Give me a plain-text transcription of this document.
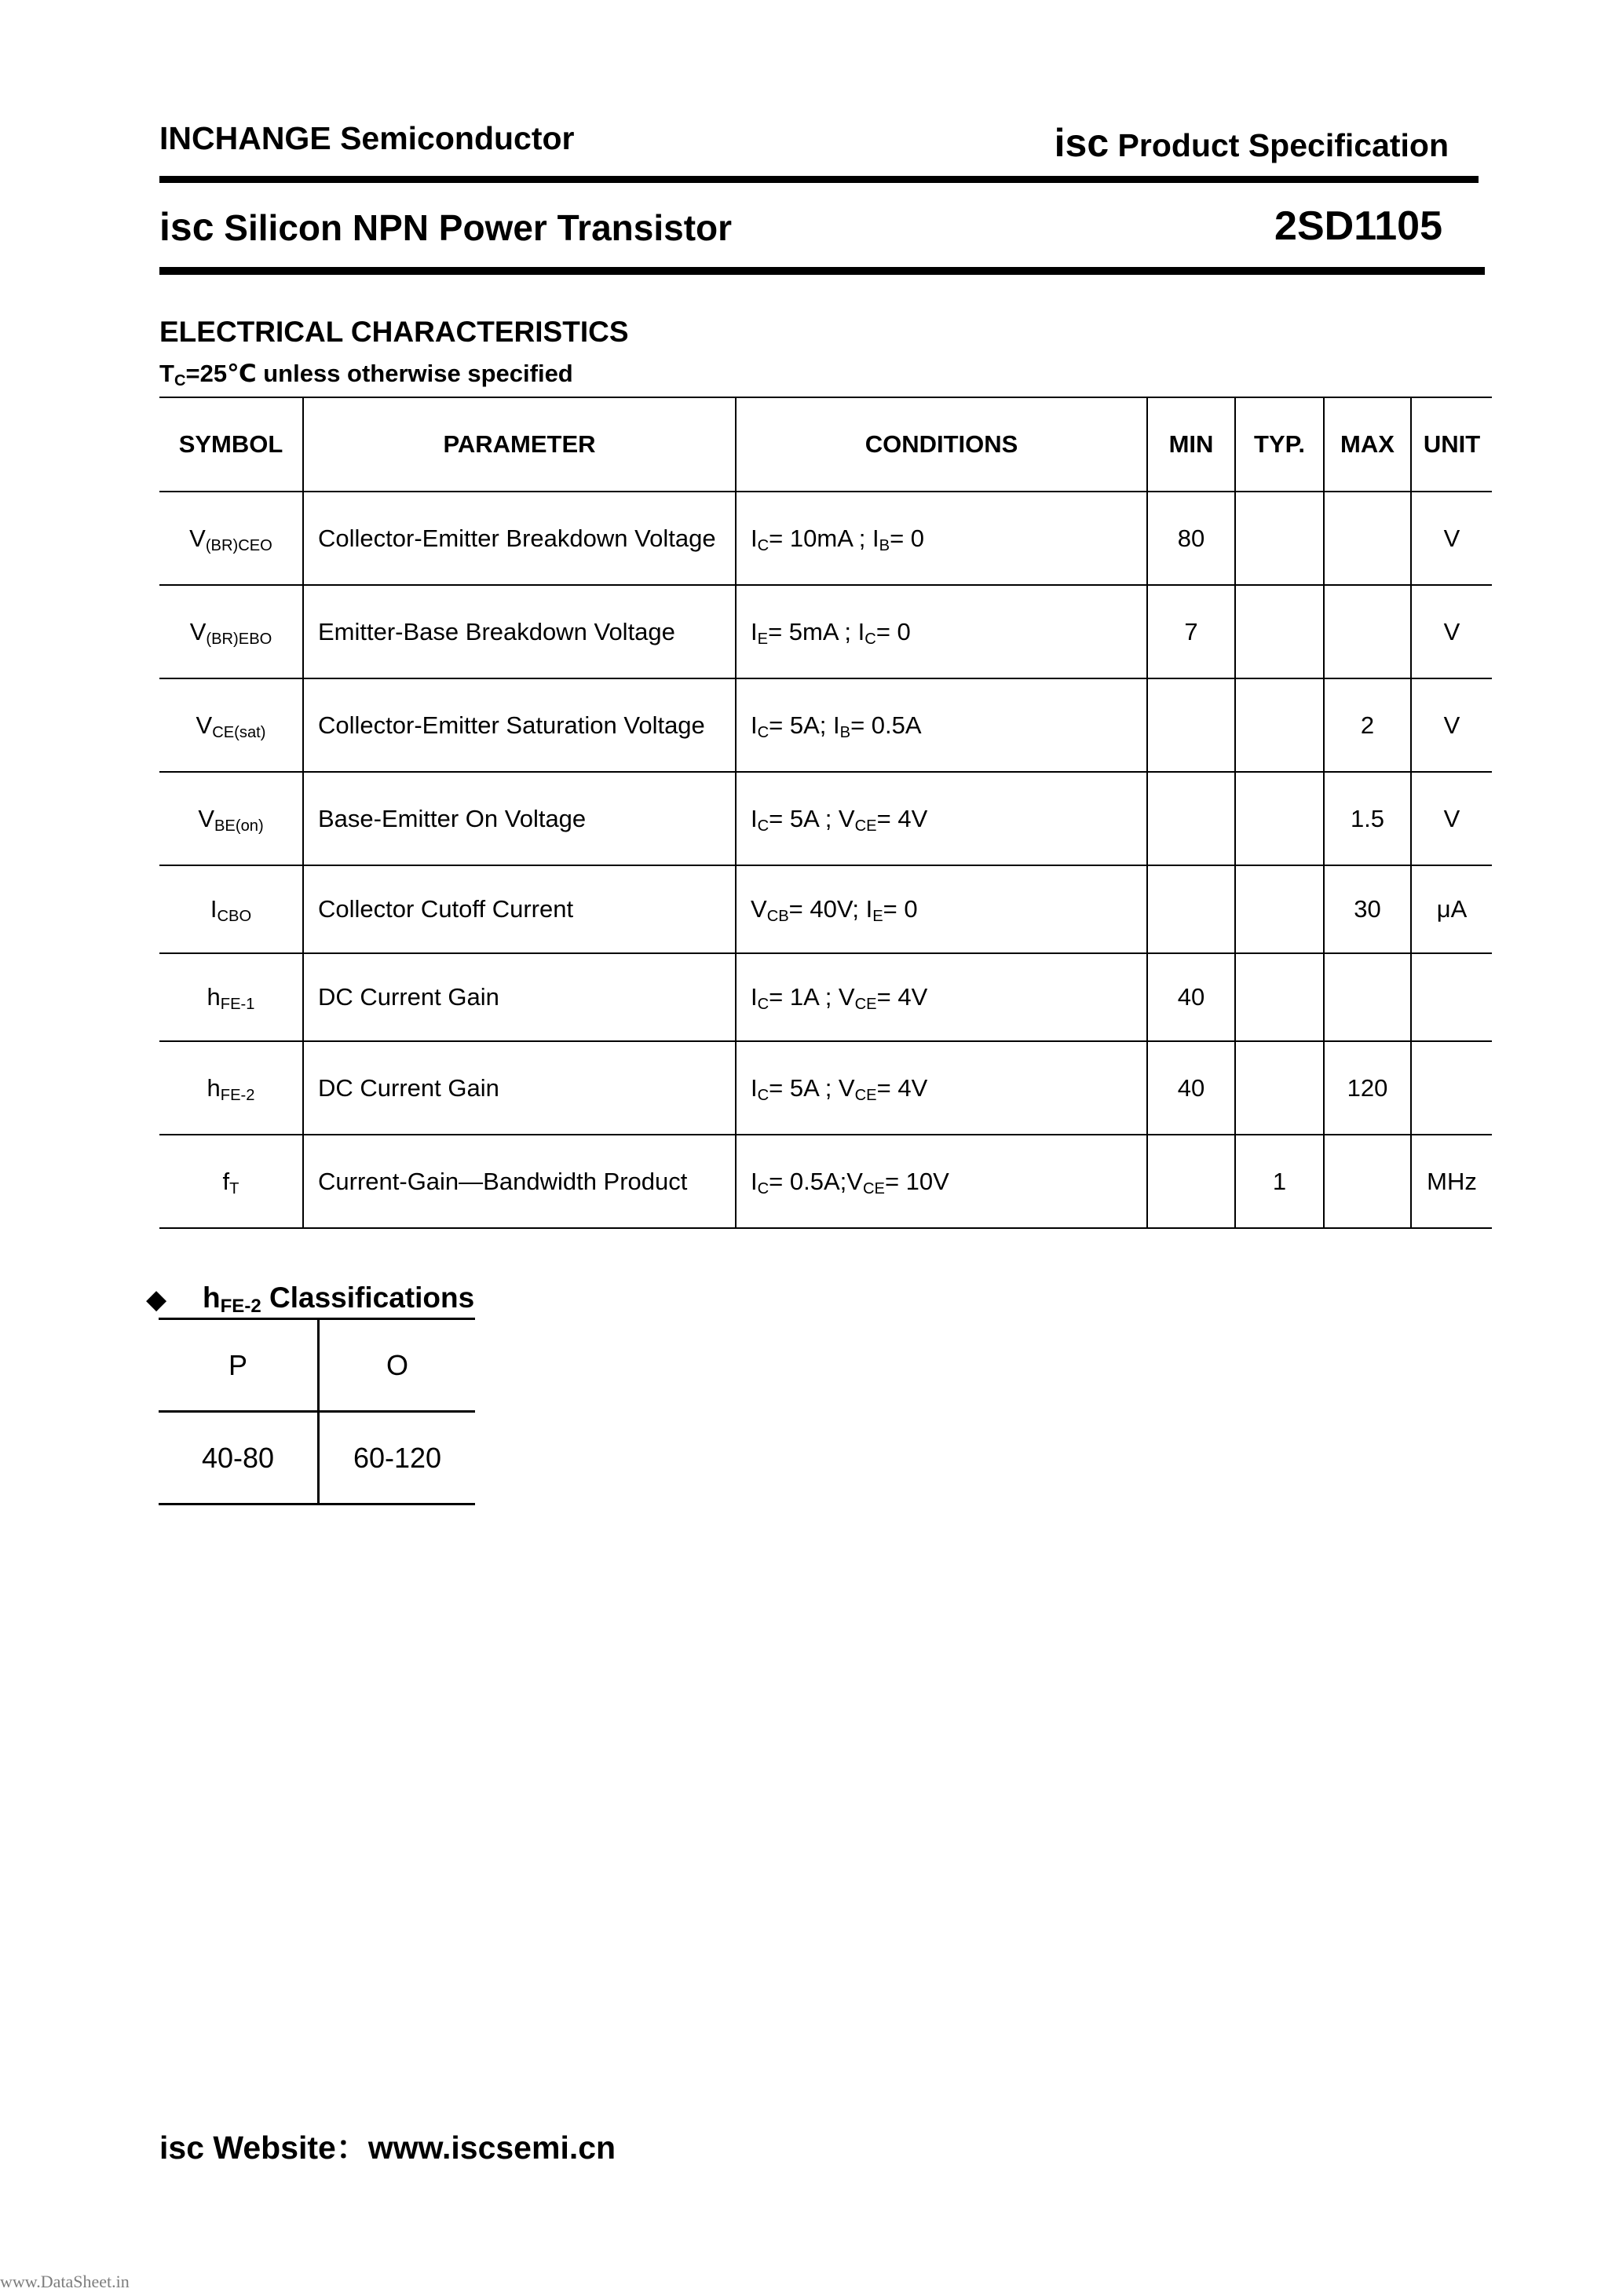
INCHANGE Semiconductor	isc Product Specification
isc Silicon NPN Power Transistor	2SD1105
ELECTRICAL CHARACTERISTICS
$T_C=25℃$ unless otherwise specified
SYMBOL	PARAMETER	CONDITIONS	MIN	TYP.	MAX	UNIT
$V_{(BR)CEO}$	Collector-Emitter Breakdown Voltage	$I_C= 10mA$ ; $I_B= 0$	80			V
$V_{(BR)EBO}$	Emitter-Base Breakdown Voltage	$I_E= 5mA$ ; $I_C= 0$	7			V
$V_{CE(sat)}$	Collector-Emitter Saturation Voltage	$I_C= 5A$; $I_B= 0.5A$			2	V
$V_{BE(on)}$	Base-Emitter On Voltage	$I_C= 5A$ ; $V_{CE}= 4V$			1.5	V
$I_{CBO}$	Collector Cutoff Current	$V_{CB}= 40V$; $I_E= 0$			30	μA
$h_{FE-1}$	DC Current Gain	$I_C= 1A$ ; $V_{CE}= 4V$	40			
$h_{FE-2}$	DC Current Gain	$I_C= 5A$ ; $V_{CE}= 4V$	40		120	
$f_T$	Current-Gain—Bandwidth Product	$I_C=$ $0.5A;V_{CE}= 10V$		1		MHz
◆ $h_{FE-2}$ Classifications
P	O
40-80	60-120
isc Website：www.iscsemi.cn
www.DataSheet.in
